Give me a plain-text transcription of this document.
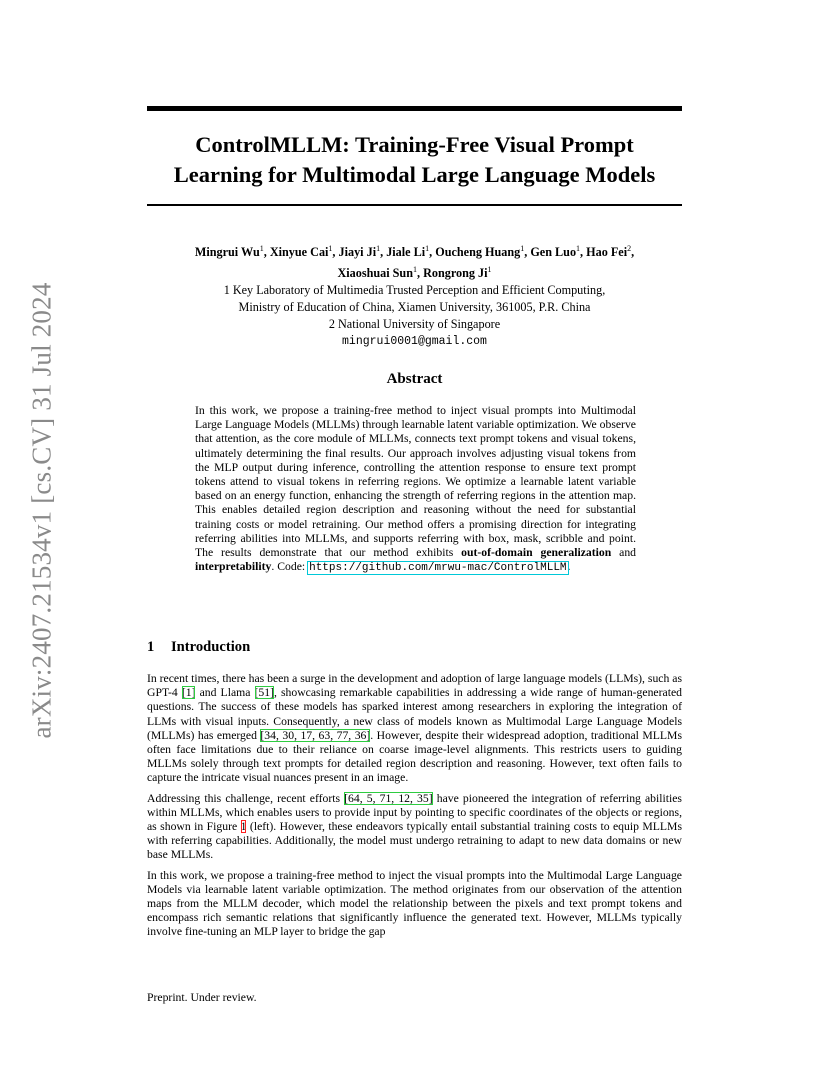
arXiv:2407.21534v1 [cs.CV] 31 Jul 2024
ControlMLLM: Training-Free Visual Prompt
Learning for Multimodal Large Language Models
Mingrui Wu$^1$, Xinyue Cai$^1$, Jiayi Ji$^1$, Jiale Li$^1$, Oucheng Huang$^1$, Gen Luo$^1$, Hao Fei$^2$,
Xiaoshuai Sun$^1$, Rongrong Ji$^1$
1 Key Laboratory of Multimedia Trusted Perception and Efficient Computing,
Ministry of Education of China, Xiamen University, 361005, P.R. China
2 National University of Singapore
mingrui0001@gmail.com
Abstract

In this work, we propose a training-free method to inject visual prompts into Multimodal Large Language Models (MLLMs) through learnable latent variable optimization. We observe that attention, as the core module of MLLMs, connects text prompt tokens and visual tokens, ultimately determining the final results. Our approach involves adjusting visual tokens from the MLP output during inference, controlling the attention response to ensure text prompt tokens attend to visual tokens in referring regions. We optimize a learnable latent variable based on an energy function, enhancing the strength of referring regions in the attention map. This enables detailed region description and reasoning without the need for substantial training costs or model retraining. Our method offers a promising direction for integrating referring abilities into MLLMs, and supports referring with box, mask, scribble and point. The results demonstrate that our method exhibits out-of-domain generalization and interpretability. Code: https://github.com/mrwu-mac/ControlMLLM.

1 Introduction

In recent times, there has been a surge in the development and adoption of large language models (LLMs), such as GPT-4 [1] and Llama [51], showcasing remarkable capabilities in addressing a wide range of human-generated questions. The success of these models has sparked interest among researchers in exploring the integration of LLMs with visual inputs. Consequently, a new class of models known as Multimodal Large Language Models (MLLMs) has emerged [34, 30, 17, 63, 77, 36]. However, despite their widespread adoption, traditional MLLMs often face limitations due to their reliance on coarse image-level alignments. This restricts users to guiding MLLMs solely through text prompts for detailed region description and reasoning. However, text often fails to capture the intricate visual nuances present in an image.

Addressing this challenge, recent efforts [64, 5, 71, 12, 35] have pioneered the integration of referring abilities within MLLMs, which enables users to provide input by pointing to specific coordinates of the objects or regions, as shown in Figure 1 (left). However, these endeavors typically entail substantial training costs to equip MLLMs with referring capabilities. Additionally, the model must undergo retraining to adapt to new data domains or new base MLLMs.

In this work, we propose a training-free method to inject the visual prompts into the Multimodal Large Language Models via learnable latent variable optimization. The method originates from our observation of the attention maps from the MLLM decoder, which model the relationship between the pixels and text prompt tokens and encompass rich semantic relations that significantly influence the generated text. However, MLLMs typically involve fine-tuning an MLP layer to bridge the gap

Preprint. Under review.
